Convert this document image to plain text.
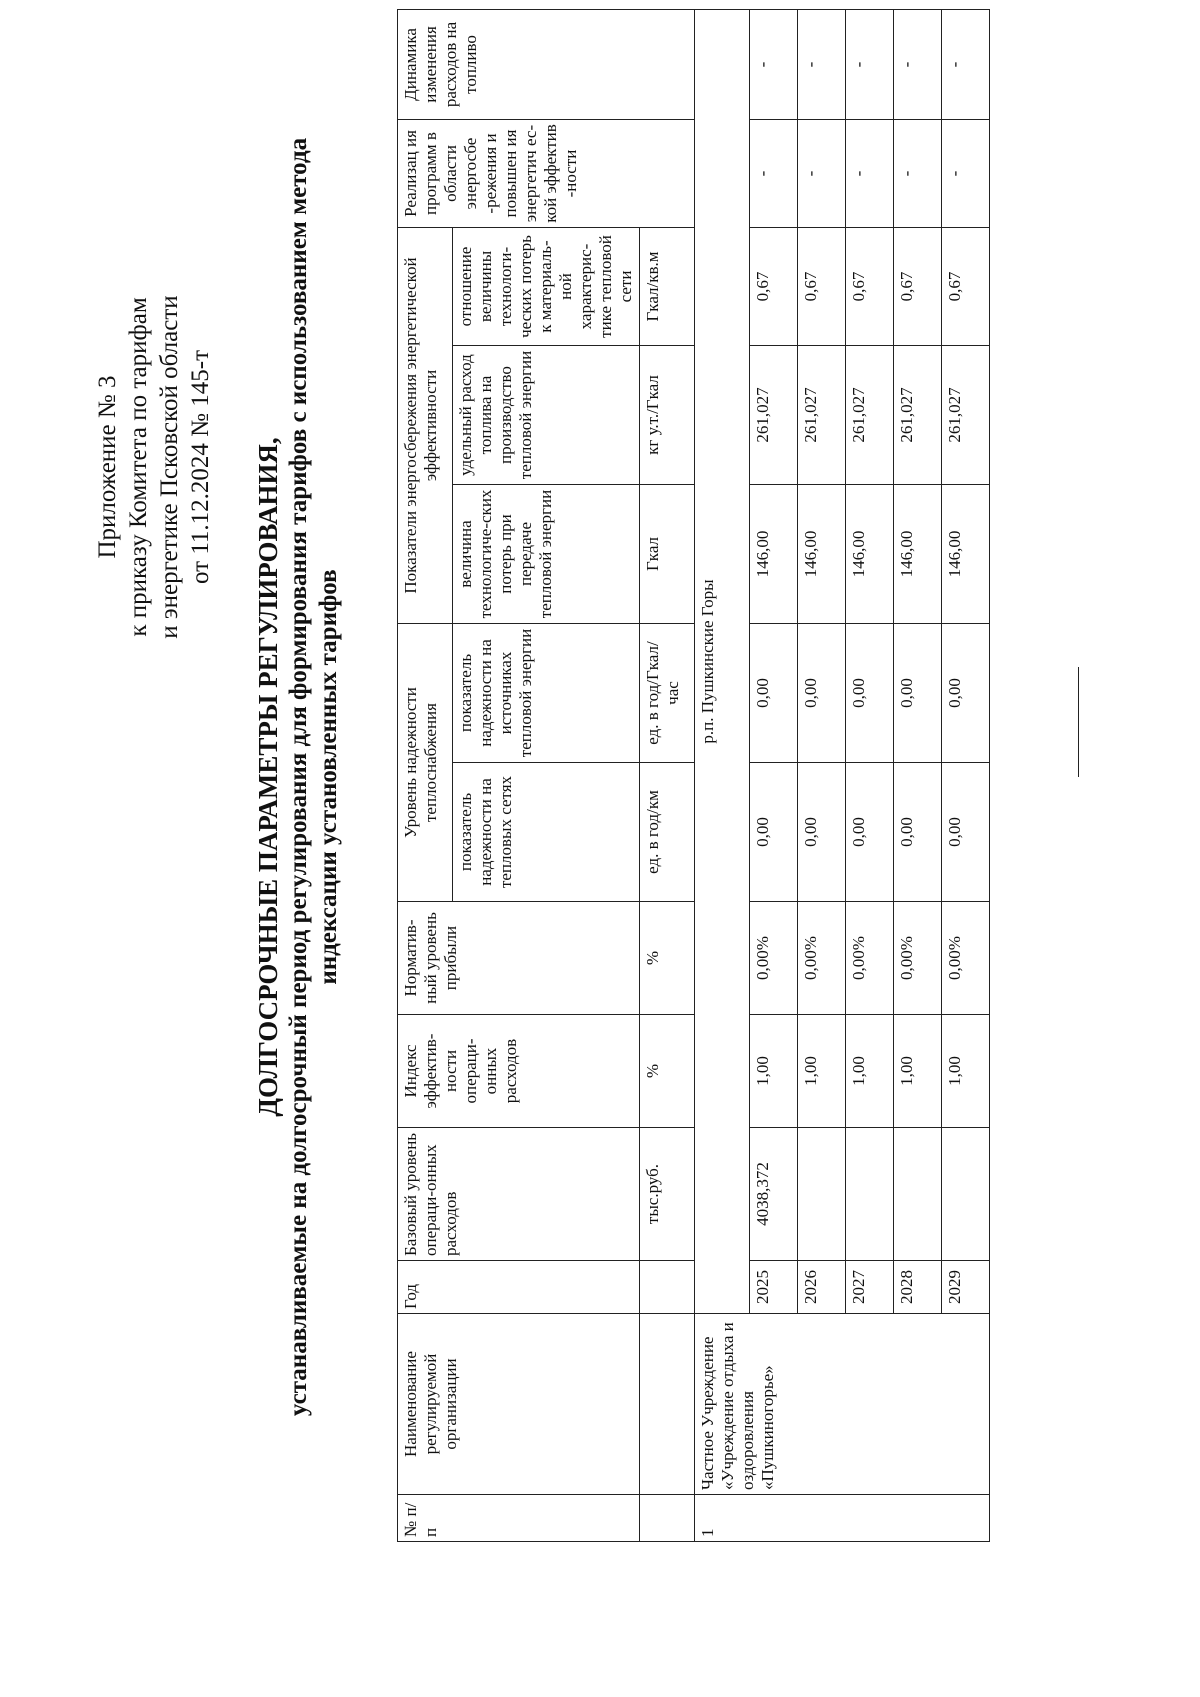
Приложение № 3 к приказу Комитета по тарифам и энергетике Псковской области от 11.12.2024 № 145-т ДОЛГОСРОЧНЫЕ ПАРАМЕТРЫ РЕГУЛИРОВАНИЯ, устанавливаемые на долгосрочный период регулирования для формирования тарифов с использованием метода индексации установленных тарифов
№ п/ п	Наименование регулируемой организации	Год	Базовый уровень операци-онных расходов	Индекс эффектив-ности операци-онных расходов	Норматив-ный уровень прибыли	Уровень надежности теплоснабжения		Показатели энергосбережения энергетической эффективности			Реализац ия программ в области энергосбе -режения и повышен ия энергетич ес-кой эффектив -ности	Динамика изменения расходов на топливо
						показатель надежности на тепловых сетях	показатель надежности на источниках тепловой энергии	величина технологиче-ских потерь при передаче тепловой энергии	удельный расход топлива на производство тепловой энергии	отношение величины технологи-ческих потерь к материаль-ной характерис-тике тепловой сети		
			тыс.руб.	%	%	ед. в год/км	ед. в год/Гкал/ час	Гкал	кг у.т./Гкал	Гкал/кв.м		
1	Частное Учреждение «Учреждение отдыха и оздоровления «Пушкиногорье»	р.п. Пушкинские Горы										
		2025	4038,372	1,00	0,00%	0,00	0,00	146,00	261,027	0,67	-	-
		2026		1,00	0,00%	0,00	0,00	146,00	261,027	0,67	-	-
		2027		1,00	0,00%	0,00	0,00	146,00	261,027	0,67	-	-
		2028		1,00	0,00%	0,00	0,00	146,00	261,027	0,67	-	-
		2029		1,00	0,00%	0,00	0,00	146,00	261,027	0,67	-	-
